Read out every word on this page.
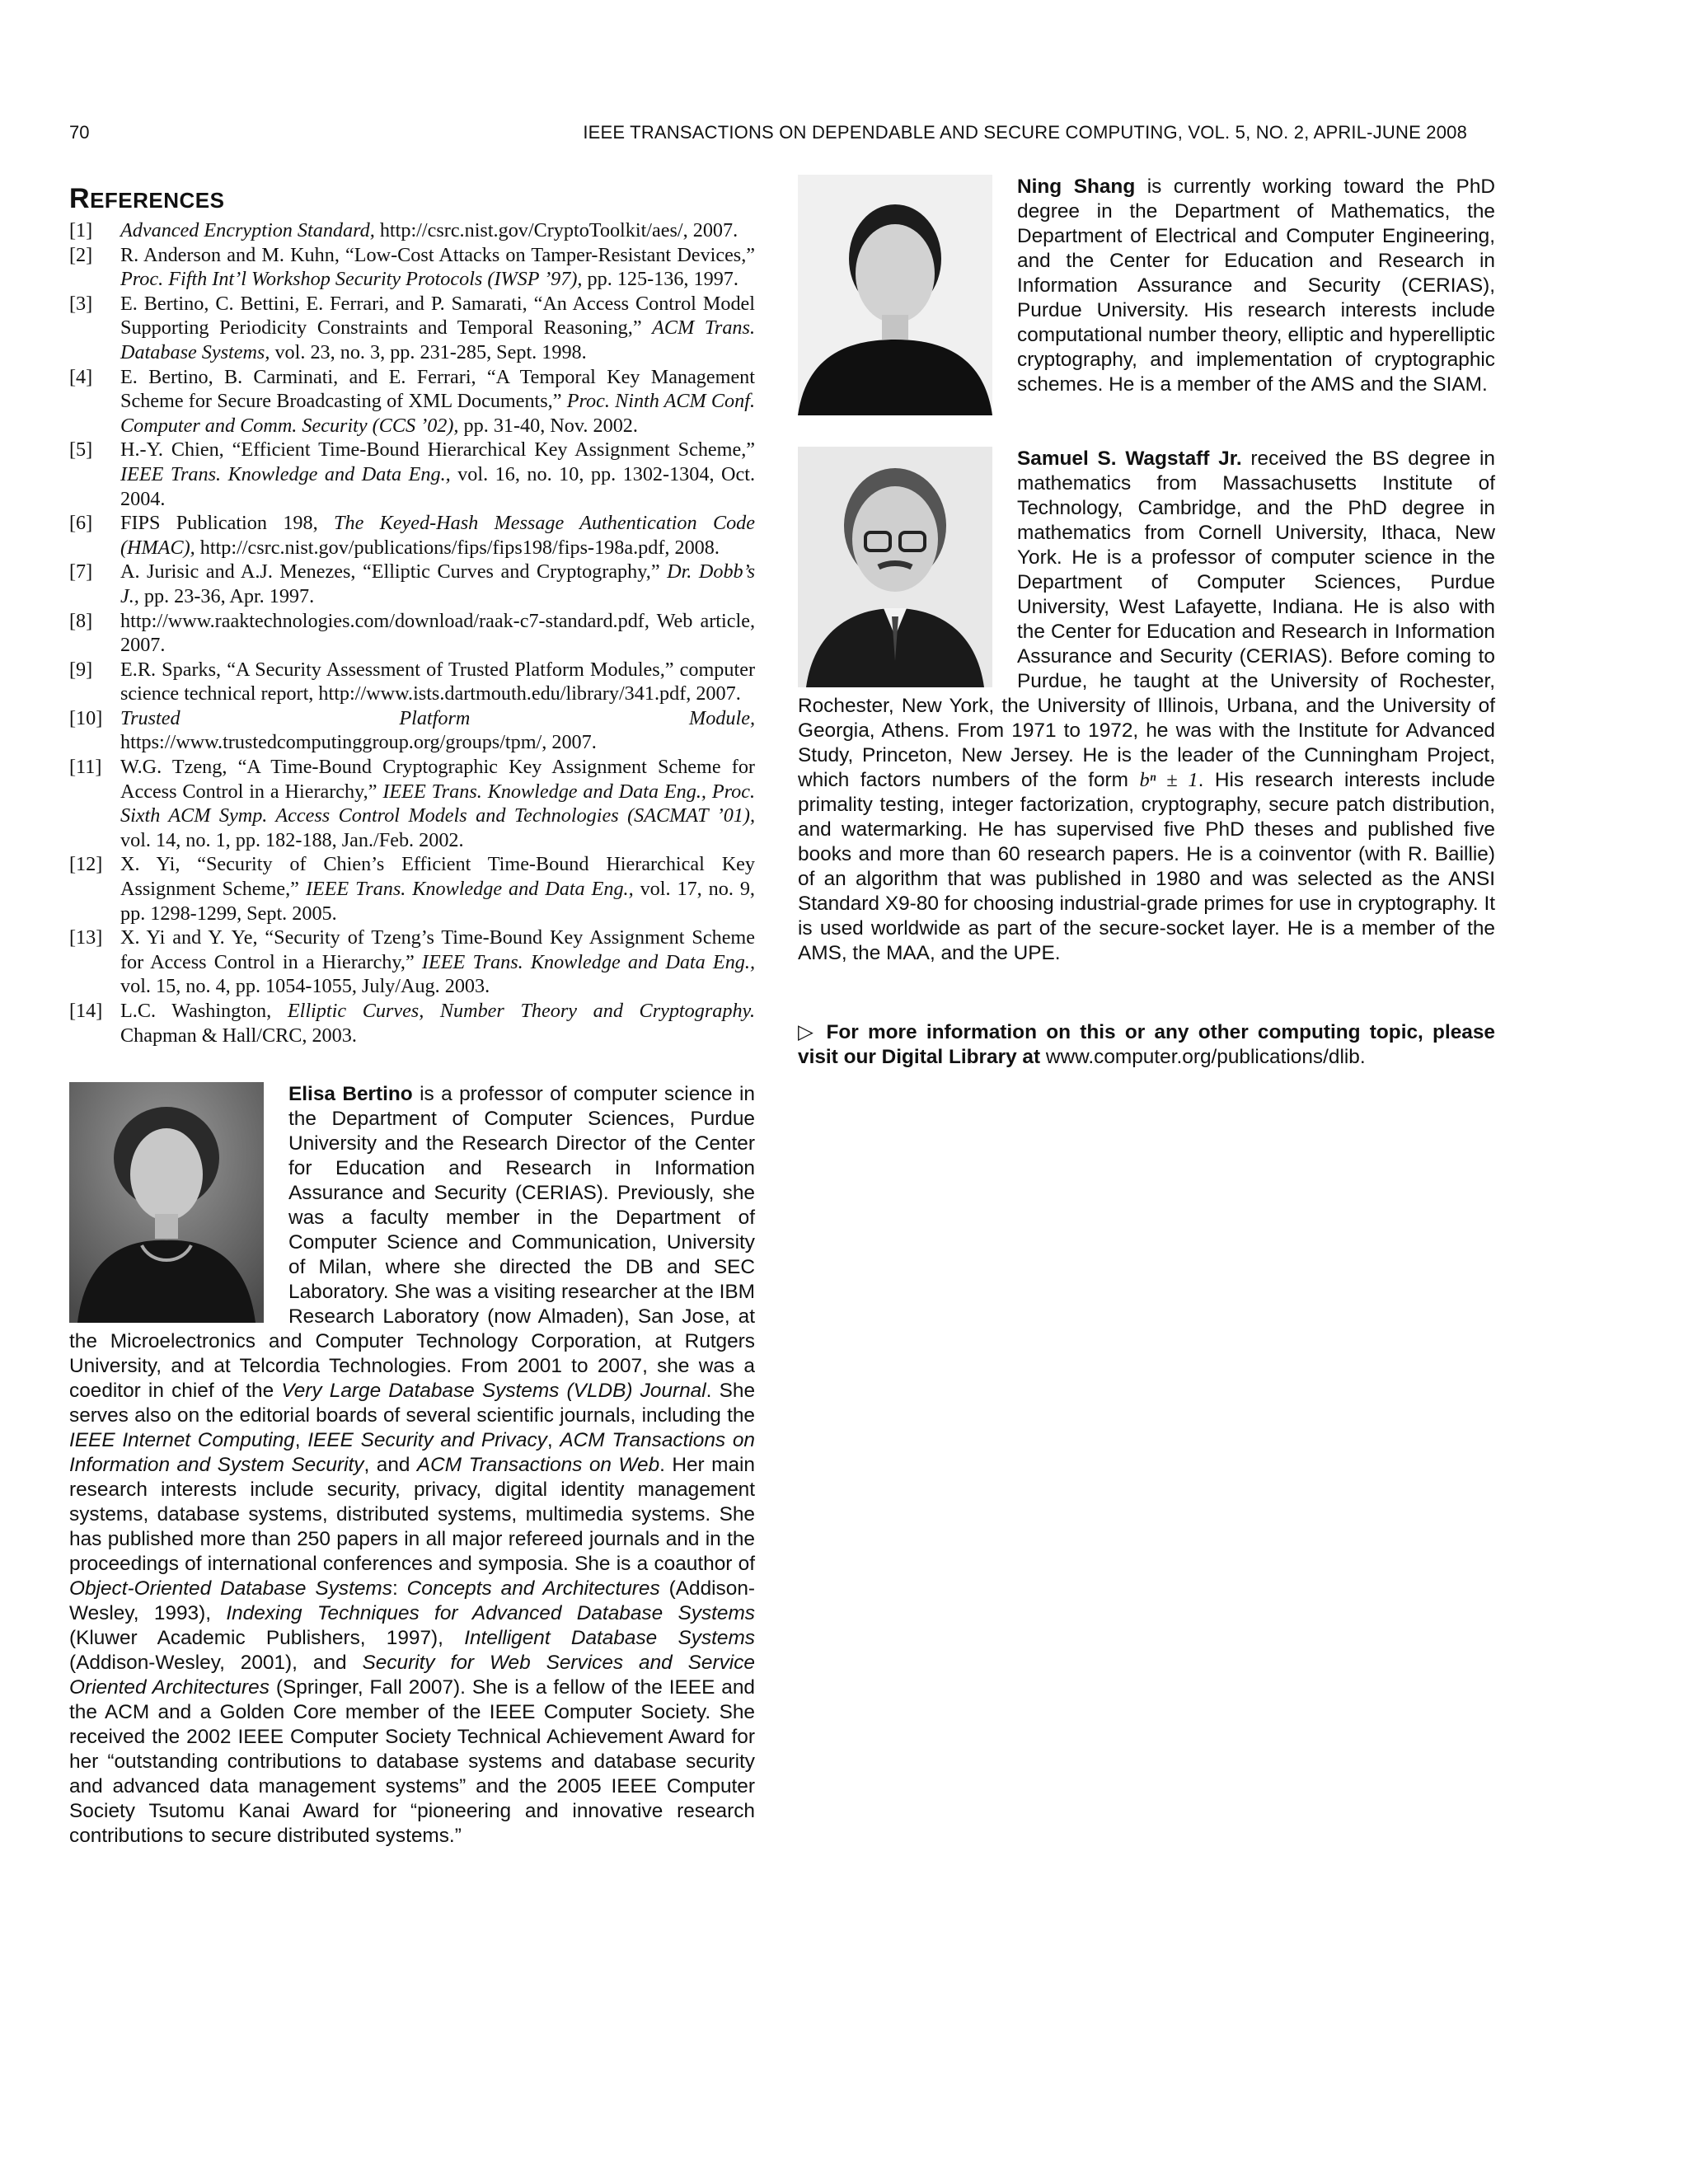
70	IEEE TRANSACTIONS ON DEPENDABLE AND SECURE COMPUTING, VOL. 5, NO. 2, APRIL-JUNE 2008
REFERENCES
[1]	Advanced Encryption Standard, http://csrc.nist.gov/CryptoToolkit/aes/, 2007.
[2]	R. Anderson and M. Kuhn, “Low-Cost Attacks on Tamper-Resistant Devices,” Proc. Fifth Int’l Workshop Security Protocols (IWSP ’97), pp. 125-136, 1997.
[3]	E. Bertino, C. Bettini, E. Ferrari, and P. Samarati, “An Access Control Model Supporting Periodicity Constraints and Temporal Reasoning,” ACM Trans. Database Systems, vol. 23, no. 3, pp. 231-285, Sept. 1998.
[4]	E. Bertino, B. Carminati, and E. Ferrari, “A Temporal Key Management Scheme for Secure Broadcasting of XML Documents,” Proc. Ninth ACM Conf. Computer and Comm. Security (CCS ’02), pp. 31-40, Nov. 2002.
[5]	H.-Y. Chien, “Efficient Time-Bound Hierarchical Key Assignment Scheme,” IEEE Trans. Knowledge and Data Eng., vol. 16, no. 10, pp. 1302-1304, Oct. 2004.
[6]	FIPS Publication 198, The Keyed-Hash Message Authentication Code (HMAC), http://csrc.nist.gov/publications/fips/fips198/fips-198a.pdf, 2008.
[7]	A. Jurisic and A.J. Menezes, “Elliptic Curves and Cryptography,” Dr. Dobb’s J., pp. 23-36, Apr. 1997.
[8]	http://www.raaktechnologies.com/download/raak-c7-standard.pdf, Web article, 2007.
[9]	E.R. Sparks, “A Security Assessment of Trusted Platform Modules,” computer science technical report, http://www.ists.dartmouth.edu/library/341.pdf, 2007.
[10] Trusted Platform Module, https://www.trustedcomputinggroup.org/groups/tpm/, 2007.
[11] W.G. Tzeng, “A Time-Bound Cryptographic Key Assignment Scheme for Access Control in a Hierarchy,” IEEE Trans. Knowledge and Data Eng., Proc. Sixth ACM Symp. Access Control Models and Technologies (SACMAT ’01), vol. 14, no. 1, pp. 182-188, Jan./Feb. 2002.
[12] X. Yi, “Security of Chien’s Efficient Time-Bound Hierarchical Key Assignment Scheme,” IEEE Trans. Knowledge and Data Eng., vol. 17, no. 9, pp. 1298-1299, Sept. 2005.
[13] X. Yi and Y. Ye, “Security of Tzeng’s Time-Bound Key Assignment Scheme for Access Control in a Hierarchy,” IEEE Trans. Knowledge and Data Eng., vol. 15, no. 4, pp. 1054-1055, July/Aug. 2003.
[14] L.C. Washington, Elliptic Curves, Number Theory and Cryptography. Chapman & Hall/CRC, 2003.
Elisa Bertino is a professor of computer science in the Department of Computer Sciences, Purdue University and the Research Director of the Center for Education and Research in Information Assurance and Security (CERIAS). Previously, she was a faculty member in the Department of Computer Science and Communication, University of Milan, where she directed the DB and SEC Laboratory. She was a visiting researcher at the IBM Research Laboratory (now Almaden), San Jose, at the Microelectronics and Computer Technology Corporation, at Rutgers University, and at Telcordia Technologies. From 2001 to 2007, she was a coeditor in chief of the Very Large Database Systems (VLDB) Journal. She serves also on the editorial boards of several scientific journals, including the IEEE Internet Computing, IEEE Security and Privacy, ACM Transactions on Information and System Security, and ACM Transactions on Web. Her main research interests include security, privacy, digital identity management systems, database systems, distributed systems, multimedia systems. She has published more than 250 papers in all major refereed journals and in the proceedings of international conferences and symposia. She is a coauthor of Object-Oriented Database Systems: Concepts and Architectures (Addison-Wesley, 1993), Indexing Techniques for Advanced Database Systems (Kluwer Academic Publishers, 1997), Intelligent Database Systems (Addison-Wesley, 2001), and Security for Web Services and Service Oriented Architectures (Springer, Fall 2007). She is a fellow of the IEEE and the ACM and a Golden Core member of the IEEE Computer Society. She received the 2002 IEEE Computer Society Technical Achievement Award for her “outstanding contributions to database systems and database security and advanced data management systems” and the 2005 IEEE Computer Society Tsutomu Kanai Award for “pioneering and innovative research contributions to secure distributed systems.”
Ning Shang is currently working toward the PhD degree in the Department of Mathematics, the Department of Electrical and Computer Engineering, and the Center for Education and Research in Information Assurance and Security (CERIAS), Purdue University. His research interests include computational number theory, elliptic and hyperelliptic cryptography, and implementation of cryptographic schemes. He is a member of the AMS and the SIAM.
Samuel S. Wagstaff Jr. received the BS degree in mathematics from Massachusetts Institute of Technology, Cambridge, and the PhD degree in mathematics from Cornell University, Ithaca, New York. He is a professor of computer science in the Department of Computer Sciences, Purdue University, West Lafayette, Indiana. He is also with the Center for Education and Research in Information Assurance and Security (CERIAS). Before coming to Purdue, he taught at the University of Rochester, Rochester, New York, the University of Illinois, Urbana, and the University of Georgia, Athens. From 1971 to 1972, he was with the Institute for Advanced Study, Princeton, New Jersey. He is the leader of the Cunningham Project, which factors numbers of the form bⁿ ± 1. His research interests include primality testing, integer factorization, cryptography, secure patch distribution, and watermarking. He has supervised five PhD theses and published five books and more than 60 research papers. He is a coinventor (with R. Baillie) of an algorithm that was published in 1980 and was selected as the ANSI Standard X9-80 for choosing industrial-grade primes for use in cryptography. It is used worldwide as part of the secure-socket layer. He is a member of the AMS, the MAA, and the UPE.
▷ For more information on this or any other computing topic, please visit our Digital Library at www.computer.org/publications/dlib.
